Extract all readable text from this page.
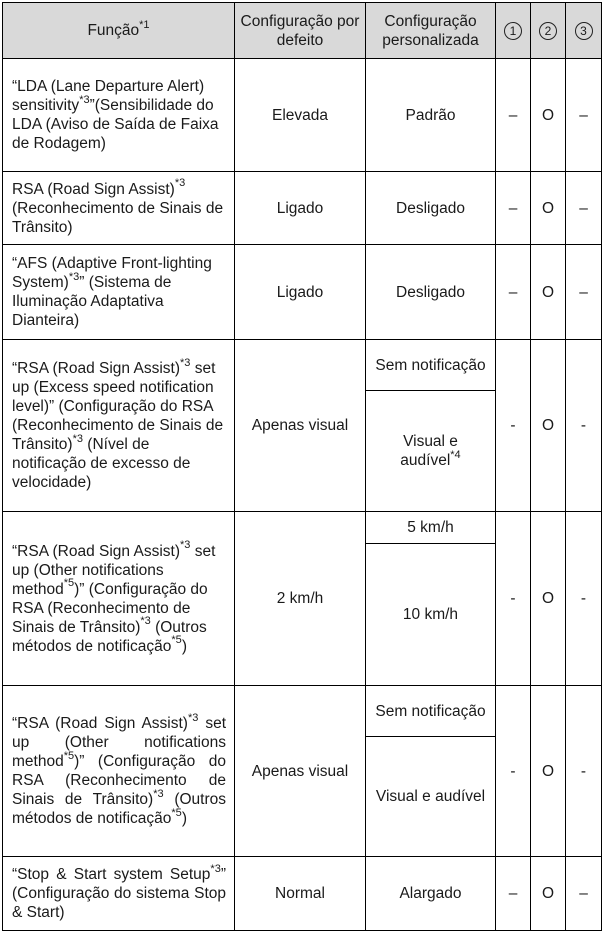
Função$^{*1}$	Configuração por defeito	Configuração personalizada	1	2	3
“LDA (Lane Departure Alert) sensitivity$^{*3}$”(Sensibilidade do LDA (Aviso de Saída de Faixa de Rodagem)	Elevada	Padrão	–	O	–
RSA (Road Sign Assist)$^{*3}$ (Reconhecimento de Sinais de Trânsito)	Ligado	Desligado	–	O	–
“AFS (Adaptive Front-lighting System)$^{*3}$” (Sistema de Iluminação Adaptativa Dianteira)	Ligado	Desligado	–	O	–
“RSA (Road Sign Assist)$^{*3}$ set up (Excess speed notification level)” (Configuração do RSA (Reconhecimento de Sinais de Trânsito)$^{*3}$ (Nível de notificação de excesso de velocidade)	Apenas visual	Sem notificação	-	O	-
		Visual e audível$^{*4}$
“RSA (Road Sign Assist)$^{*3}$ set up (Other notifications method$^{*5}$)” (Configuração do RSA (Reconhecimento de Sinais de Trânsito)$^{*3}$ (Outros métodos de notificação$^{*5}$)	2 km/h	5 km/h	-	O	-
		10 km/h			
“RSA (Road Sign Assist)$^{*3}$ set up (Other notifications method$^{*5}$)” (Configuração do RSA (Reconhecimento de Sinais de Trânsito)$^{*3}$ (Outros métodos de notificação$^{*5}$)	Apenas visual	Sem notificação	-	O	-
		Visual e audível			
“Stop & Start system Setup$^{*3}$” (Configuração do sistema Stop & Start)	Normal	Alargado	–	O	–
